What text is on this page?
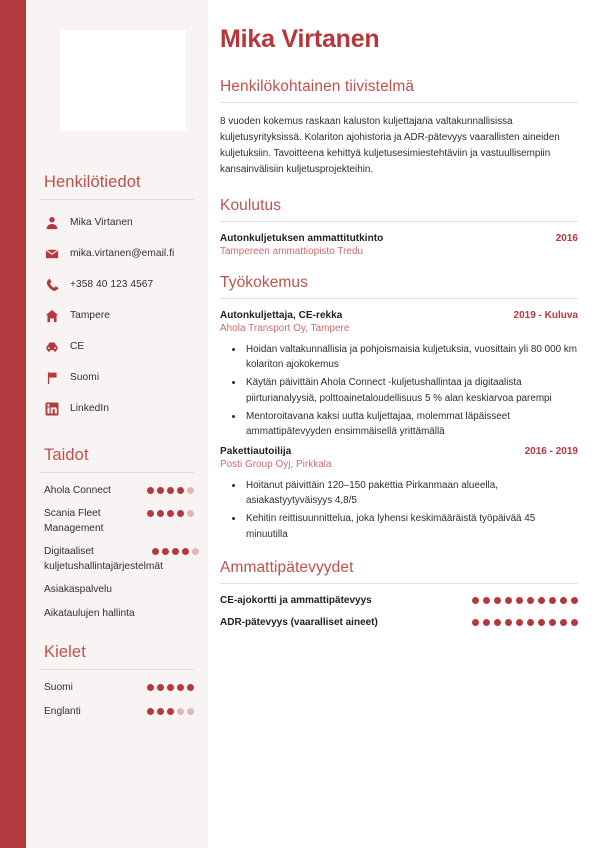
Henkilötiedot
Mika Virtanen
mika.virtanen@email.fi
+358 40 123 4567
Tampere
CE
Suomi
LinkedIn
Taidot
Ahola Connect
Scania Fleet Management
Digitaaliset kuljetushallintajärjestelmät
Asiakaspalvelu
Aikataulujen hallinta
Kielet
Suomi
Englanti
Mika Virtanen
Henkilökohtainen tiivistelmä

8 vuoden kokemus raskaan kaluston kuljettajana valtakunnallisissa kuljetusyrityksissä. Kolariton ajohistoria ja ADR-pätevyys vaarallisten aineiden kuljetuksiin. Tavoitteena kehittyä kuljetusesimiestehtäviin ja vastuullisempiin kansainvälisiin kuljetusprojekteihin.

Koulutus
Autonkuljetuksen ammattitutkinto	2016
Tampereen ammattiopisto Tredu
Työkokemus
Autonkuljettaja, CE-rekka	2019 - Kuluva
Ahola Transport Oy, Tampere
• Hoidan valtakunnallisia ja pohjoismaisia kuljetuksia, vuosittain yli 80 000 km kolariton ajokokemus
• Käytän päivittäin Ahola Connect -kuljetushallintaa ja digitaalista piirturianalyysiä, polttoainetaloudellisuus 5 % alan keskiarvoa parempi
• Mentoroitavana kaksi uutta kuljettajaa, molemmat läpäisseet ammattipätevyyden ensimmäisellä yrittämällä
Pakettiautoilija	2016 - 2019
Posti Group Oyj, Pirkkala
• Hoitanut päivittäin 120–150 pakettia Pirkanmaan alueella, asiakastyytyväisyys 4,8/5
• Kehitin reittisuunnittelua, joka lyhensi keskimääräistä työpäivää 45 minuutilla
Ammattipätevyydet
CE-ajokortti ja ammattipätevyys
ADR-pätevyys (vaaralliset aineet)
